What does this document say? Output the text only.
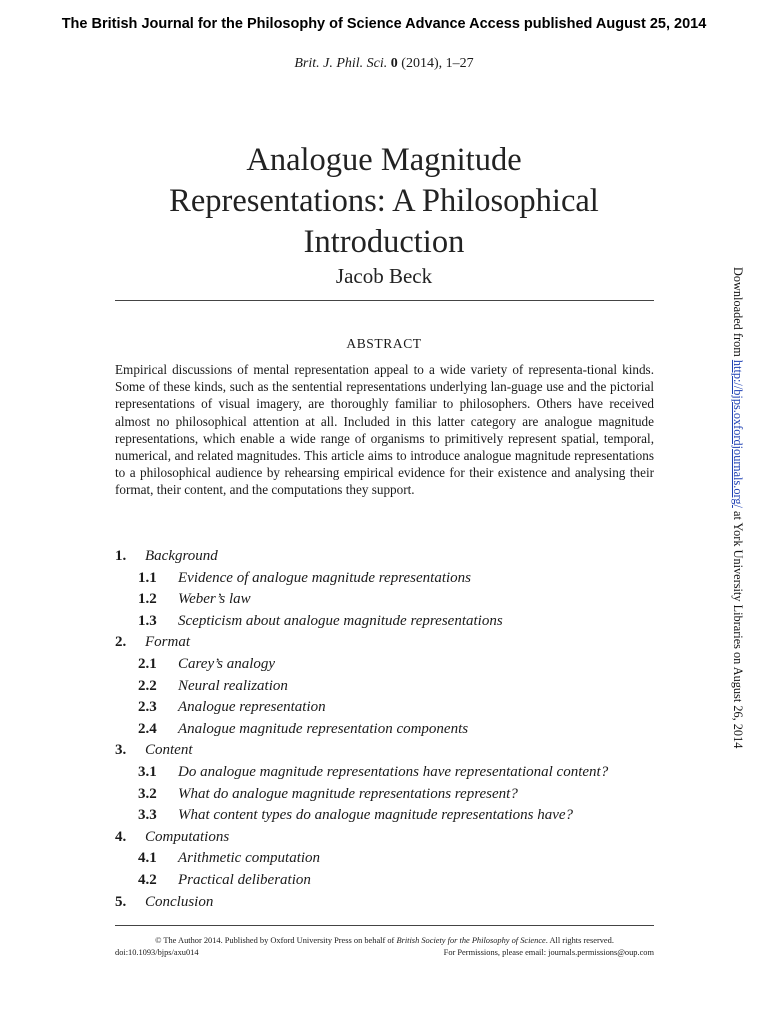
The British Journal for the Philosophy of Science Advance Access published August 25, 2014
Brit. J. Phil. Sci. 0 (2014), 1–27
Analogue Magnitude
Representations: A Philosophical
Introduction
Jacob Beck
ABSTRACT
Empirical discussions of mental representation appeal to a wide variety of representa-tional kinds. Some of these kinds, such as the sentential representations underlying lan-guage use and the pictorial representations of visual imagery, are thoroughly familiar to philosophers. Others have received almost no philosophical attention at all. Included in this latter category are analogue magnitude representations, which enable a wide range of organisms to primitively represent spatial, temporal, numerical, and related magnitudes. This article aims to introduce analogue magnitude representations to a philosophical audience by rehearsing empirical evidence for their existence and analysing their format, their content, and the computations they support.
1.	Background
1.1	Evidence of analogue magnitude representations
1.2	Weber’s law
1.3	Scepticism about analogue magnitude representations
2.	Format
2.1	Carey’s analogy
2.2	Neural realization
2.3	Analogue representation
2.4	Analogue magnitude representation components
3.	Content
3.1	Do analogue magnitude representations have representational content?
3.2	What do analogue magnitude representations represent?
3.3	What content types do analogue magnitude representations have?
4.	Computations
4.1	Arithmetic computation
4.2	Practical deliberation
5.	Conclusion
© The Author 2014. Published by Oxford University Press on behalf of British Society for the Philosophy of Science. All rights reserved.
doi:10.1093/bjps/axu014	For Permissions, please email: journals.permissions@oup.com
Downloaded from http://bjps.oxfordjournals.org/ at York University Libraries on August 26, 2014
